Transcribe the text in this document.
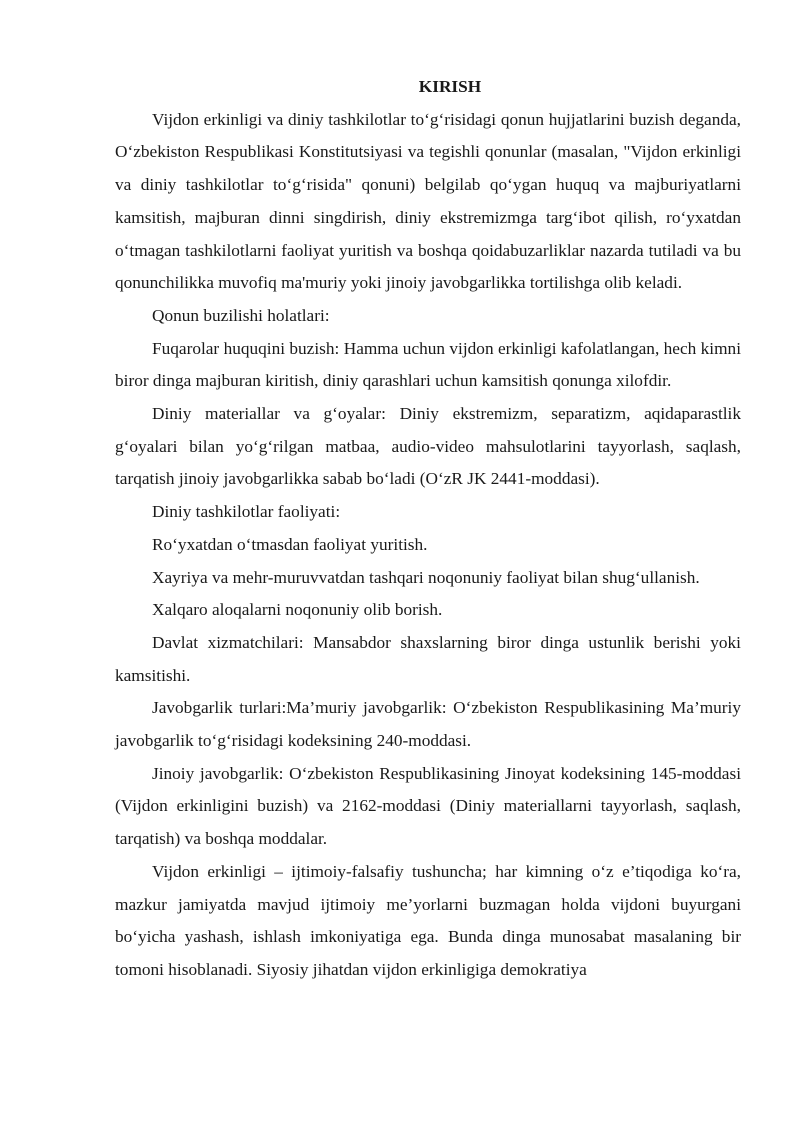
KIRISH

Vijdon erkinligi va diniy tashkilotlar to‘g‘risidagi qonun hujjatlarini buzish deganda, O‘zbekiston Respublikasi Konstitutsiyasi va tegishli qonunlar (masalan, "Vijdon erkinligi va diniy tashkilotlar to‘g‘risida" qonuni) belgilab qo‘ygan huquq va majburiyatlarni kamsitish, majburan dinni singdirish, diniy ekstremizmga targ‘ibot qilish, ro‘yxatdan o‘tmagan tashkilotlarni faoliyat yuritish va boshqa qoidabuzarliklar nazarda tutiladi va bu qonunchilikka muvofiq ma'muriy yoki jinoiy javobgarlikka tortilishga olib keladi.

Qonun buzilishi holatlari:

Fuqarolar huquqini buzish: Hamma uchun vijdon erkinligi kafolatlangan, hech kimni biror dinga majburan kiritish, diniy qarashlari uchun kamsitish qonunga xilofdir.

Diniy materiallar va g‘oyalar: Diniy ekstremizm, separatizm, aqidaparastlik g‘oyalari bilan yo‘g‘rilgan matbaa, audio-video mahsulotlarini tayyorlash, saqlash, tarqatish jinoiy javobgarlikka sabab bo‘ladi (O‘zR JK 2441-moddasi).

Diniy tashkilotlar faoliyati:

Ro‘yxatdan o‘tmasdan faoliyat yuritish.

Xayriya va mehr-muruvvatdan tashqari noqonuniy faoliyat bilan shug‘ullanish.

Xalqaro aloqalarni noqonuniy olib borish.

Davlat xizmatchilari: Mansabdor shaxslarning biror dinga ustunlik berishi yoki kamsitishi.

Javobgarlik turlari:Ma’muriy javobgarlik: O‘zbekiston Respublikasining Ma’muriy javobgarlik to‘g‘risidagi kodeksining 240-moddasi.

Jinoiy javobgarlik: O‘zbekiston Respublikasining Jinoyat kodeksining 145-moddasi (Vijdon erkinligini buzish) va 2162-moddasi (Diniy materiallarni tayyorlash, saqlash, tarqatish) va boshqa moddalar.

Vijdon erkinligi – ijtimoiy-falsafiy tushuncha; har kimning o‘z e’tiqodiga ko‘ra, mazkur jamiyatda mavjud ijtimoiy me’yorlarni buzmagan holda vijdoni buyurgani bo‘yicha yashash, ishlash imkoniyatiga ega. Bunda dinga munosabat masalaning bir tomoni hisoblanadi. Siyosiy jihatdan vijdon erkinligiga demokratiya
